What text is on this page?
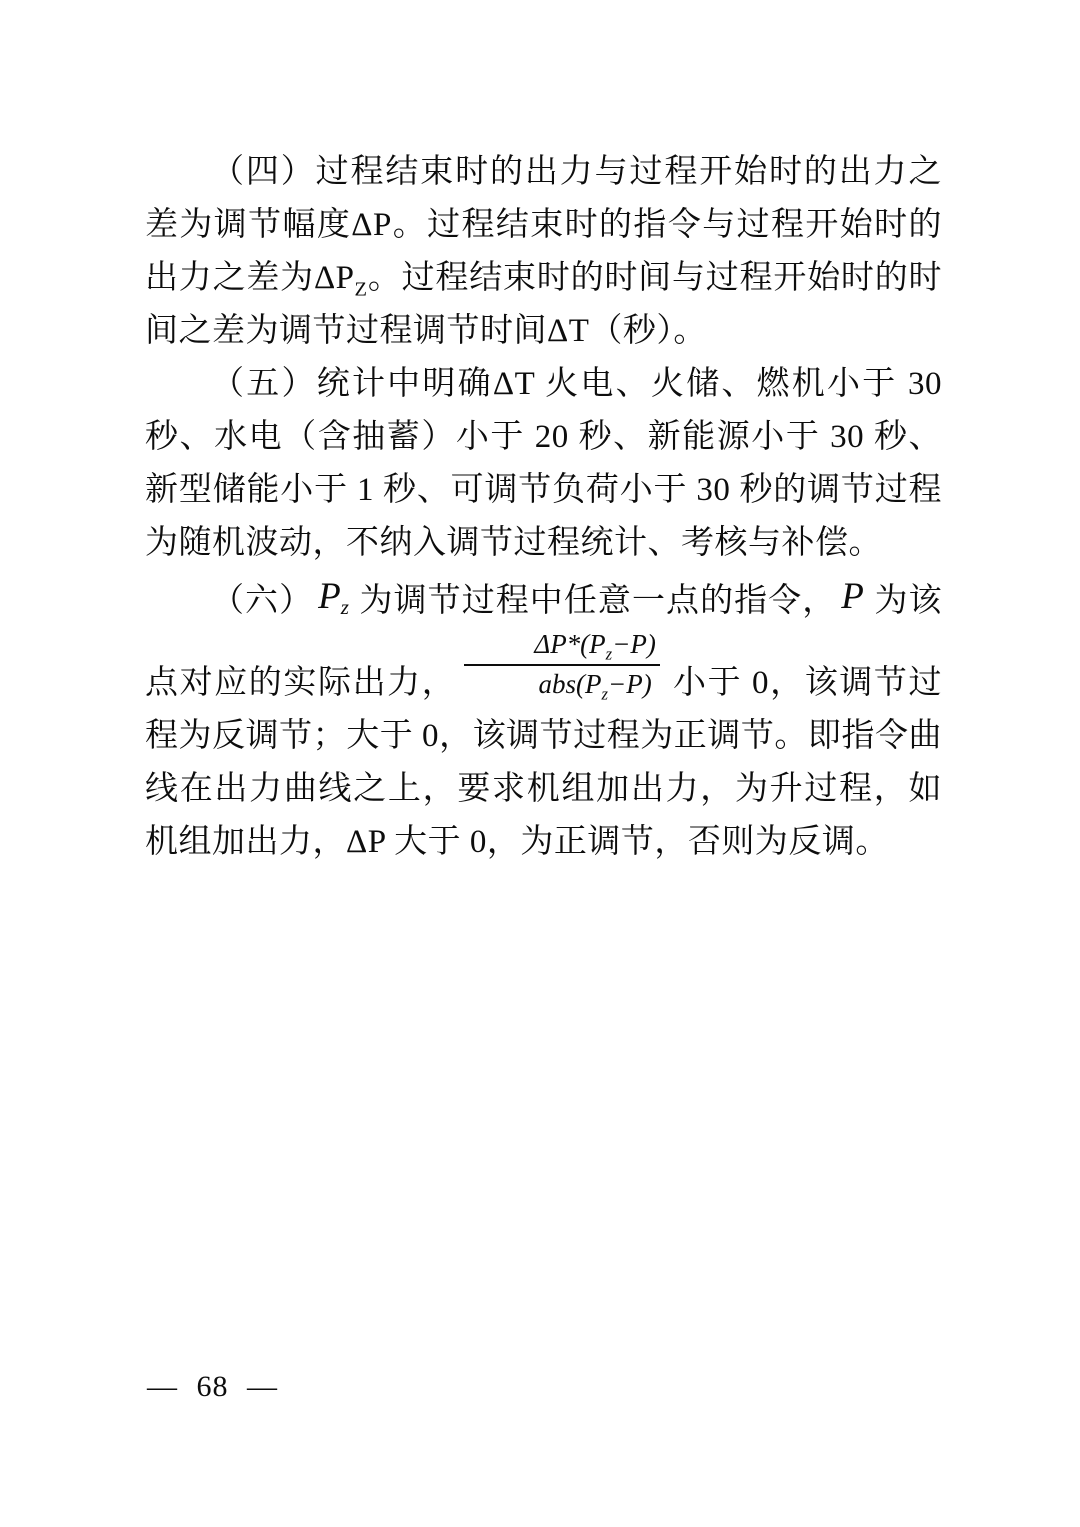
（四）过程结束时的出力与过程开始时的出力之差为调节幅度ΔP。过程结束时的指令与过程开始时的出力之差为$\Delta P_Z$。过程结束时的时间与过程开始时的时间之差为调节过程调节时间ΔT（秒）。

（五）统计中明确ΔT 火电、火储、燃机小于 30 秒、水电（含抽蓄）小于 20 秒、新能源小于 30 秒、新型储能小于 1 秒、可调节负荷小于 30 秒的调节过程为随机波动，不纳入调节过程统计、考核与补偿。

（六） Pz 为调节过程中任意一点的指令， P 为该点对应的实际出力， $\frac{\Delta P*(P_z-P)}{abs(P_z-P)}$ 小于 0，该调节过程为反调节；大于 0，该调节过程为正调节。即指令曲线在出力曲线之上，要求机组加出力，为升过程，如机组加出力，ΔP 大于 0，为正调节，否则为反调。

— 68 —
